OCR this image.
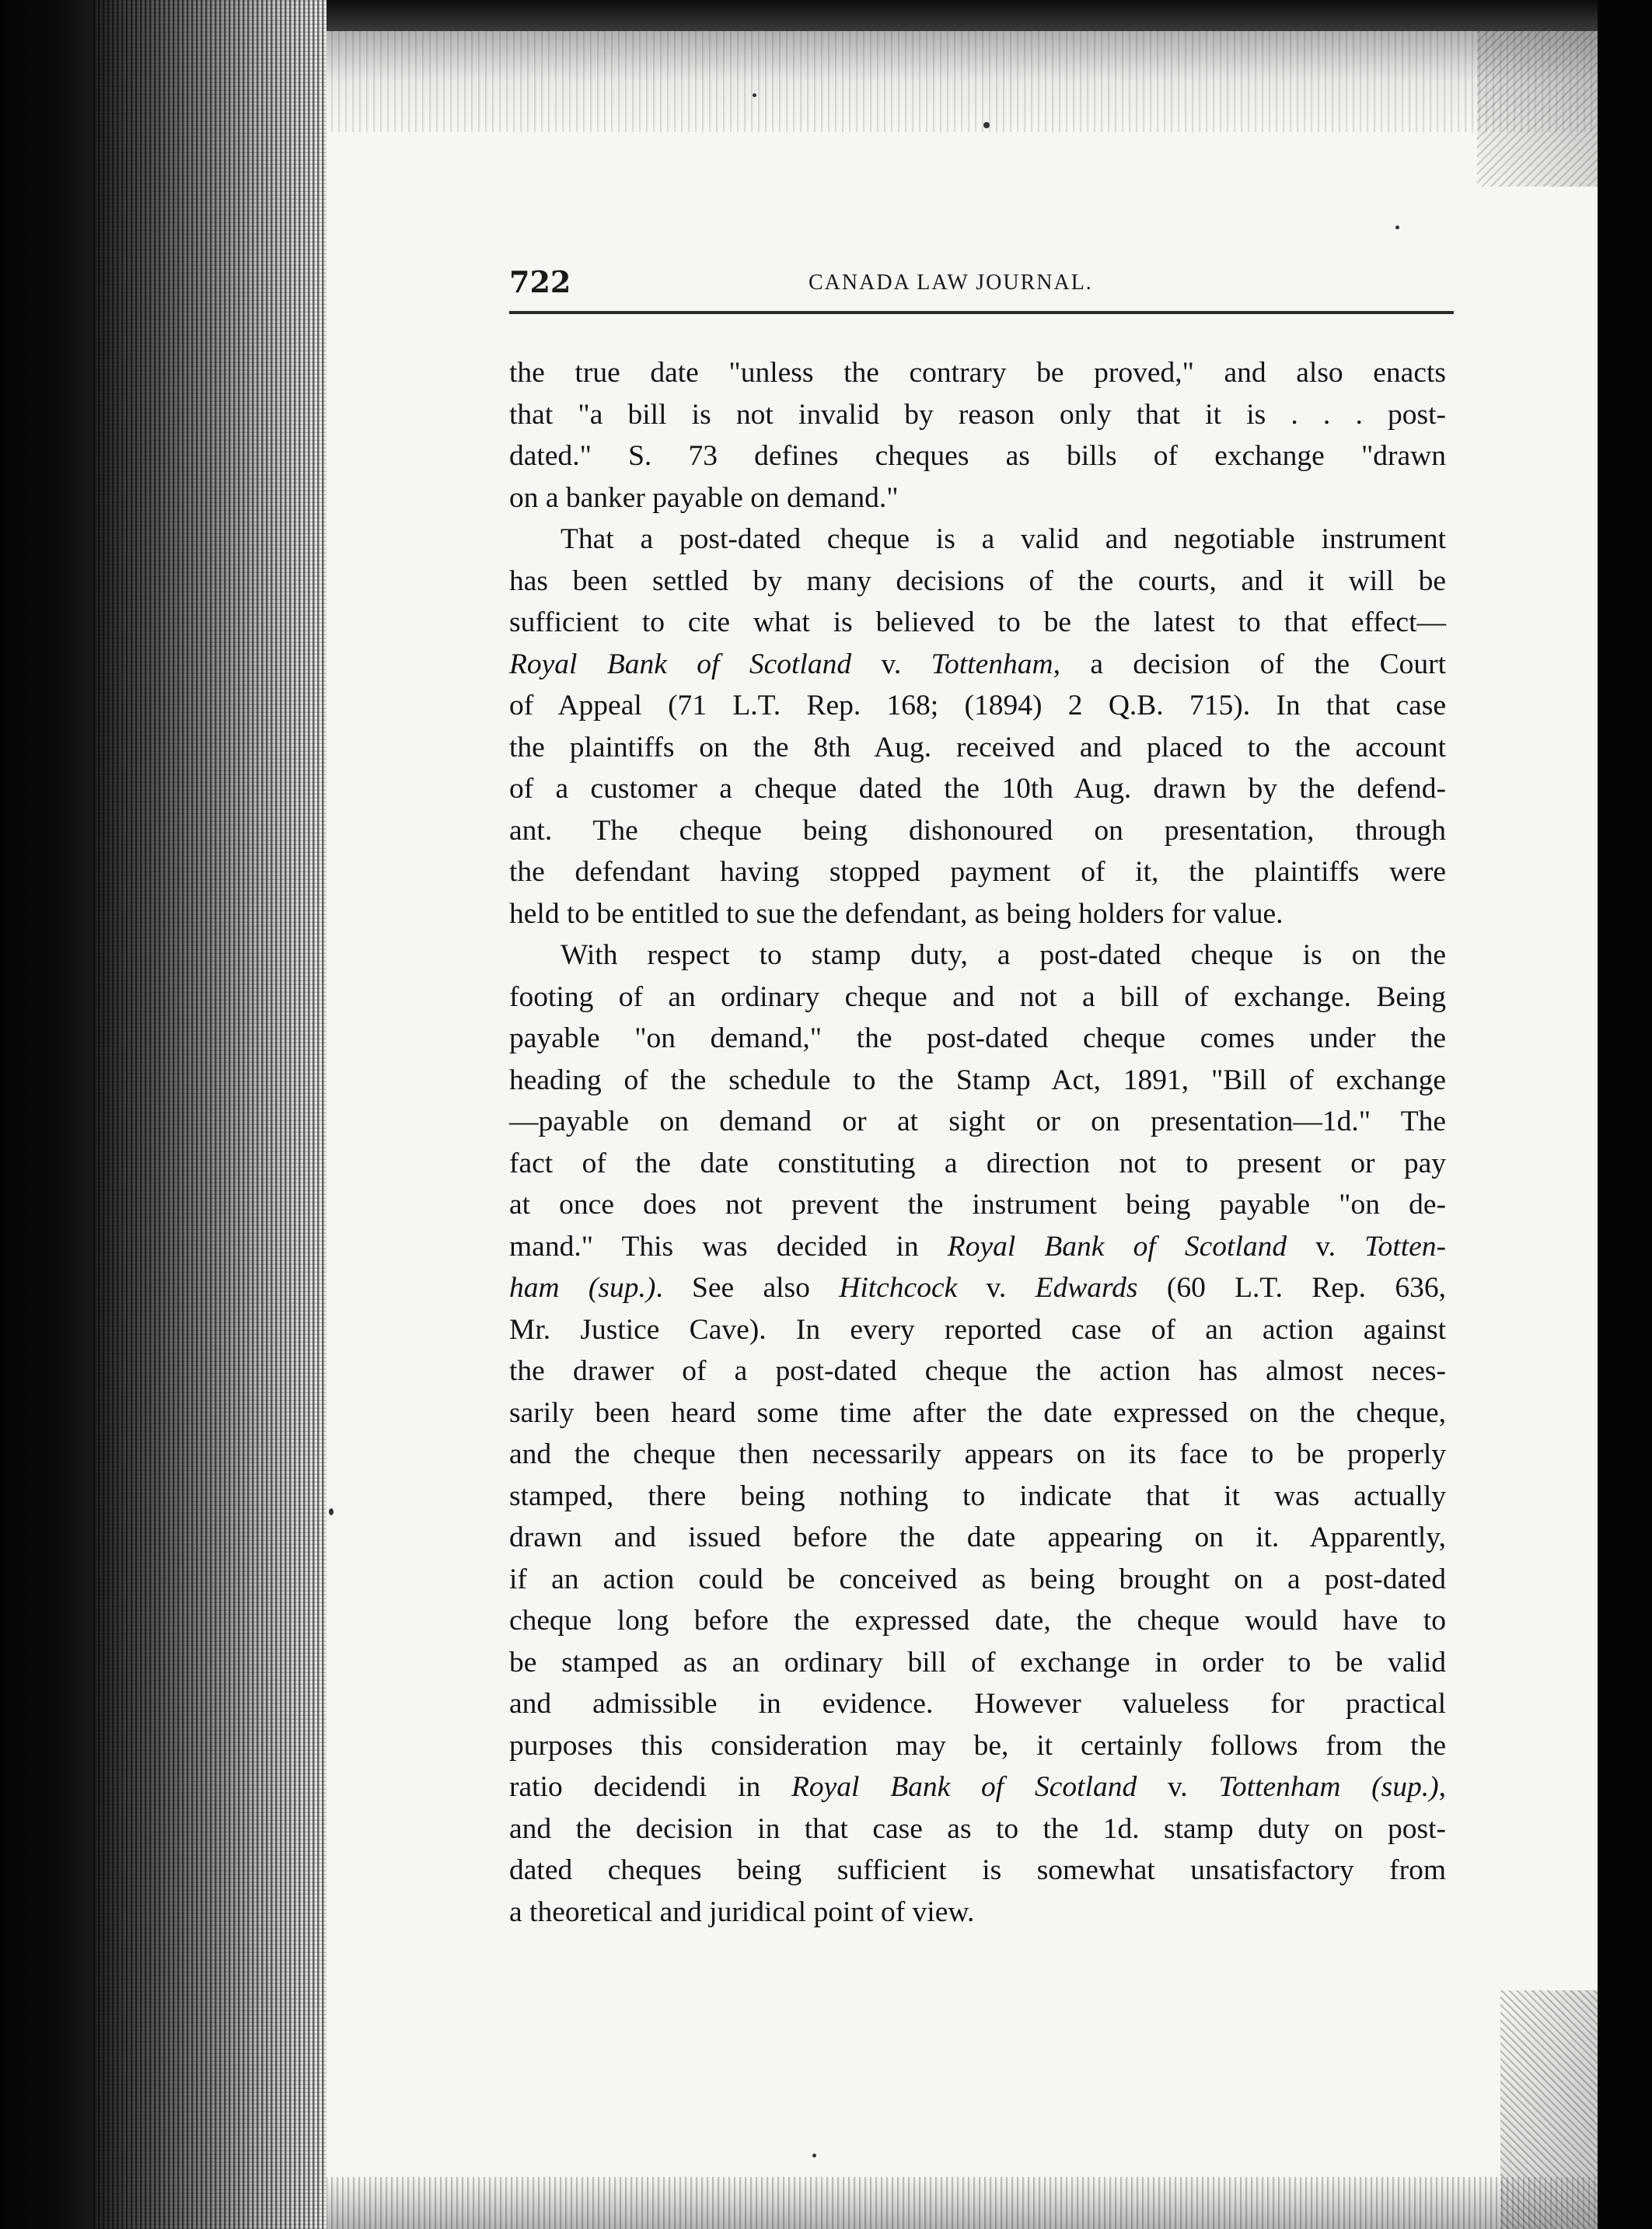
722	CANADA LAW JOURNAL.
the true date "unless the contrary be proved," and also enacts
that "a bill is not invalid by reason only that it is . . . post-
dated." S. 73 defines cheques as bills of exchange "drawn
on a banker payable on demand."
That a post-dated cheque is a valid and negotiable instrument
has been settled by many decisions of the courts, and it will be
sufficient to cite what is believed to be the latest to that effect—
Royal Bank of Scotland v. Tottenham, a decision of the Court
of Appeal (71 L.T. Rep. 168; (1894) 2 Q.B. 715). In that case
the plaintiffs on the 8th Aug. received and placed to the account
of a customer a cheque dated the 10th Aug. drawn by the defend-
ant. The cheque being dishonoured on presentation, through
the defendant having stopped payment of it, the plaintiffs were
held to be entitled to sue the defendant, as being holders for value.
With respect to stamp duty, a post-dated cheque is on the
footing of an ordinary cheque and not a bill of exchange. Being
payable "on demand," the post-dated cheque comes under the
heading of the schedule to the Stamp Act, 1891, "Bill of exchange
—payable on demand or at sight or on presentation—1d." The
fact of the date constituting a direction not to present or pay
at once does not prevent the instrument being payable "on de-
mand." This was decided in Royal Bank of Scotland v. Totten-
ham (sup.). See also Hitchcock v. Edwards (60 L.T. Rep. 636,
Mr. Justice Cave). In every reported case of an action against
the drawer of a post-dated cheque the action has almost neces-
sarily been heard some time after the date expressed on the cheque,
and the cheque then necessarily appears on its face to be properly
stamped, there being nothing to indicate that it was actually
drawn and issued before the date appearing on it. Apparently,
if an action could be conceived as being brought on a post-dated
cheque long before the expressed date, the cheque would have to
be stamped as an ordinary bill of exchange in order to be valid
and admissible in evidence. However valueless for practical
purposes this consideration may be, it certainly follows from the
ratio decidendi in Royal Bank of Scotland v. Tottenham (sup.),
and the decision in that case as to the 1d. stamp duty on post-
dated cheques being sufficient is somewhat unsatisfactory from
a theoretical and juridical point of view.
